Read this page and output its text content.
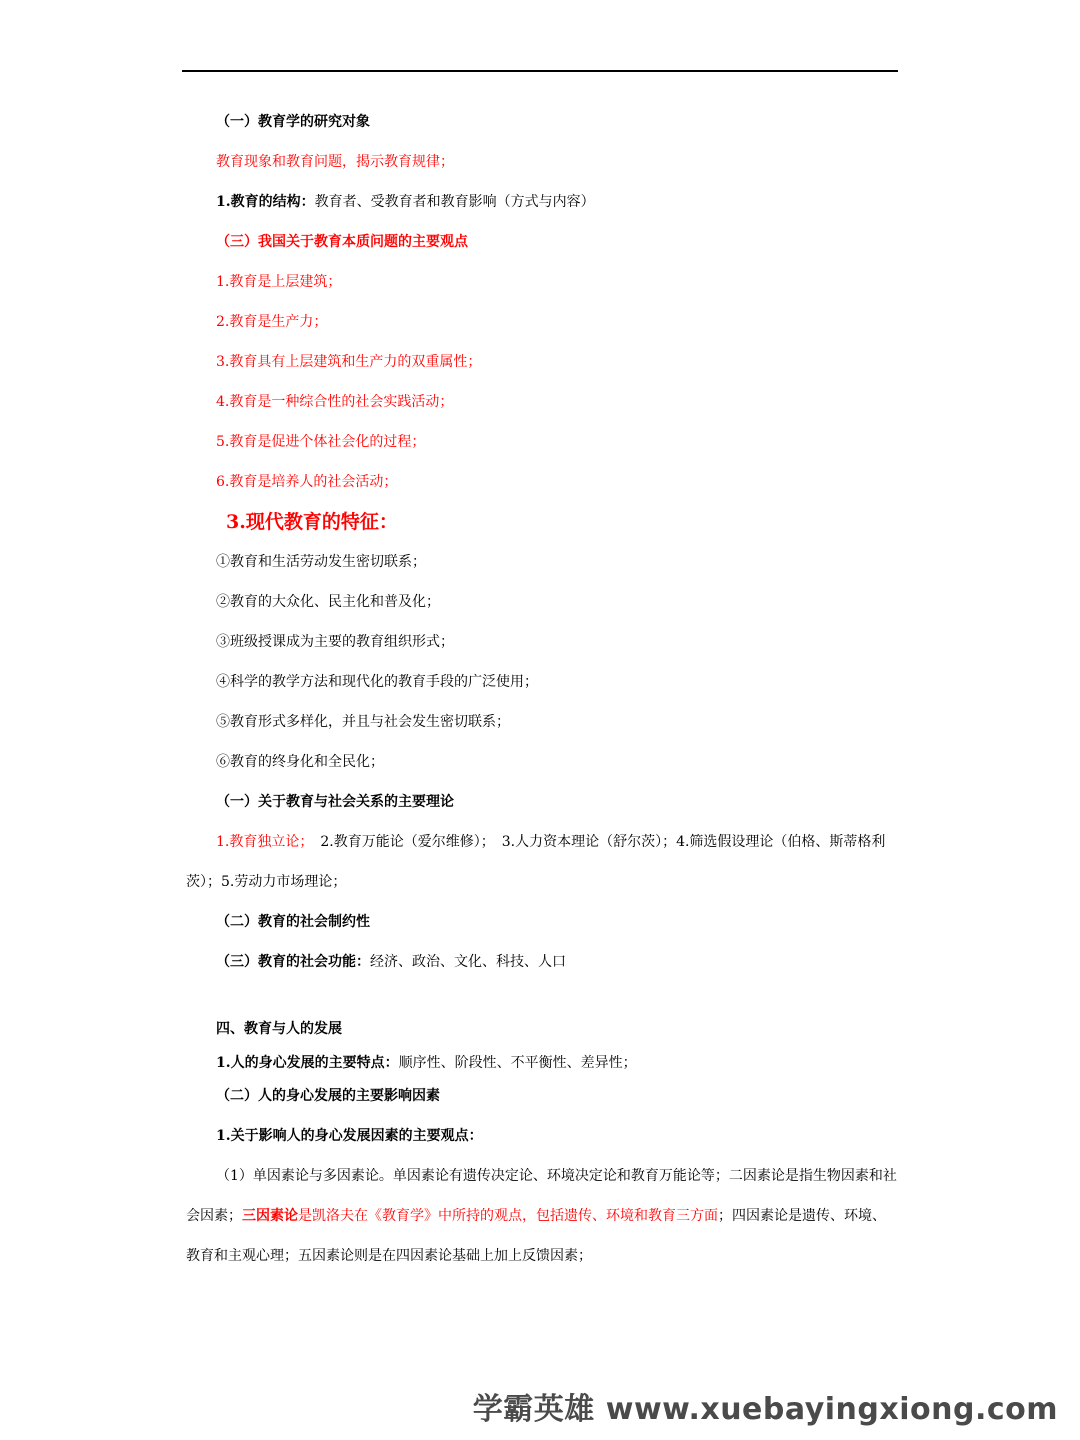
（一）教育学的研究对象
教育现象和教育问题，揭示教育规律；
1.教育的结构：教育者、受教育者和教育影响（方式与内容）
（三）我国关于教育本质问题的主要观点
1.教育是上层建筑；
2.教育是生产力；
3.教育具有上层建筑和生产力的双重属性；
4.教育是一种综合性的社会实践活动；
5.教育是促进个体社会化的过程；
6.教育是培养人的社会活动；
3.现代教育的特征：
①教育和生活劳动发生密切联系；
②教育的大众化、民主化和普及化；
③班级授课成为主要的教育组织形式；
④科学的教学方法和现代化的教育手段的广泛使用；
⑤教育形式多样化，并且与社会发生密切联系；
⑥教育的终身化和全民化；
（一）关于教育与社会关系的主要理论
1.教育独立论；　2.教育万能论（爱尔维修）；　3.人力资本理论（舒尔茨）；4.筛选假设理论（伯格、斯蒂格利茨）；5.劳动力市场理论；
（二）教育的社会制约性
（三）教育的社会功能：经济、政治、文化、科技、人口
四、教育与人的发展
1.人的身心发展的主要特点：顺序性、阶段性、不平衡性、差异性；
（二）人的身心发展的主要影响因素
1.关于影响人的身心发展因素的主要观点：
（1）单因素论与多因素论。单因素论有遗传决定论、环境决定论和教育万能论等；二因素论是指生物因素和社会因素；三因素论是凯洛夫在《教育学》中所持的观点，包括遗传、环境和教育三方面；四因素论是遗传、环境、教育和主观心理；五因素论则是在四因素论基础上加上反馈因素；
学霸英雄 www.xuebayingxiong.com
